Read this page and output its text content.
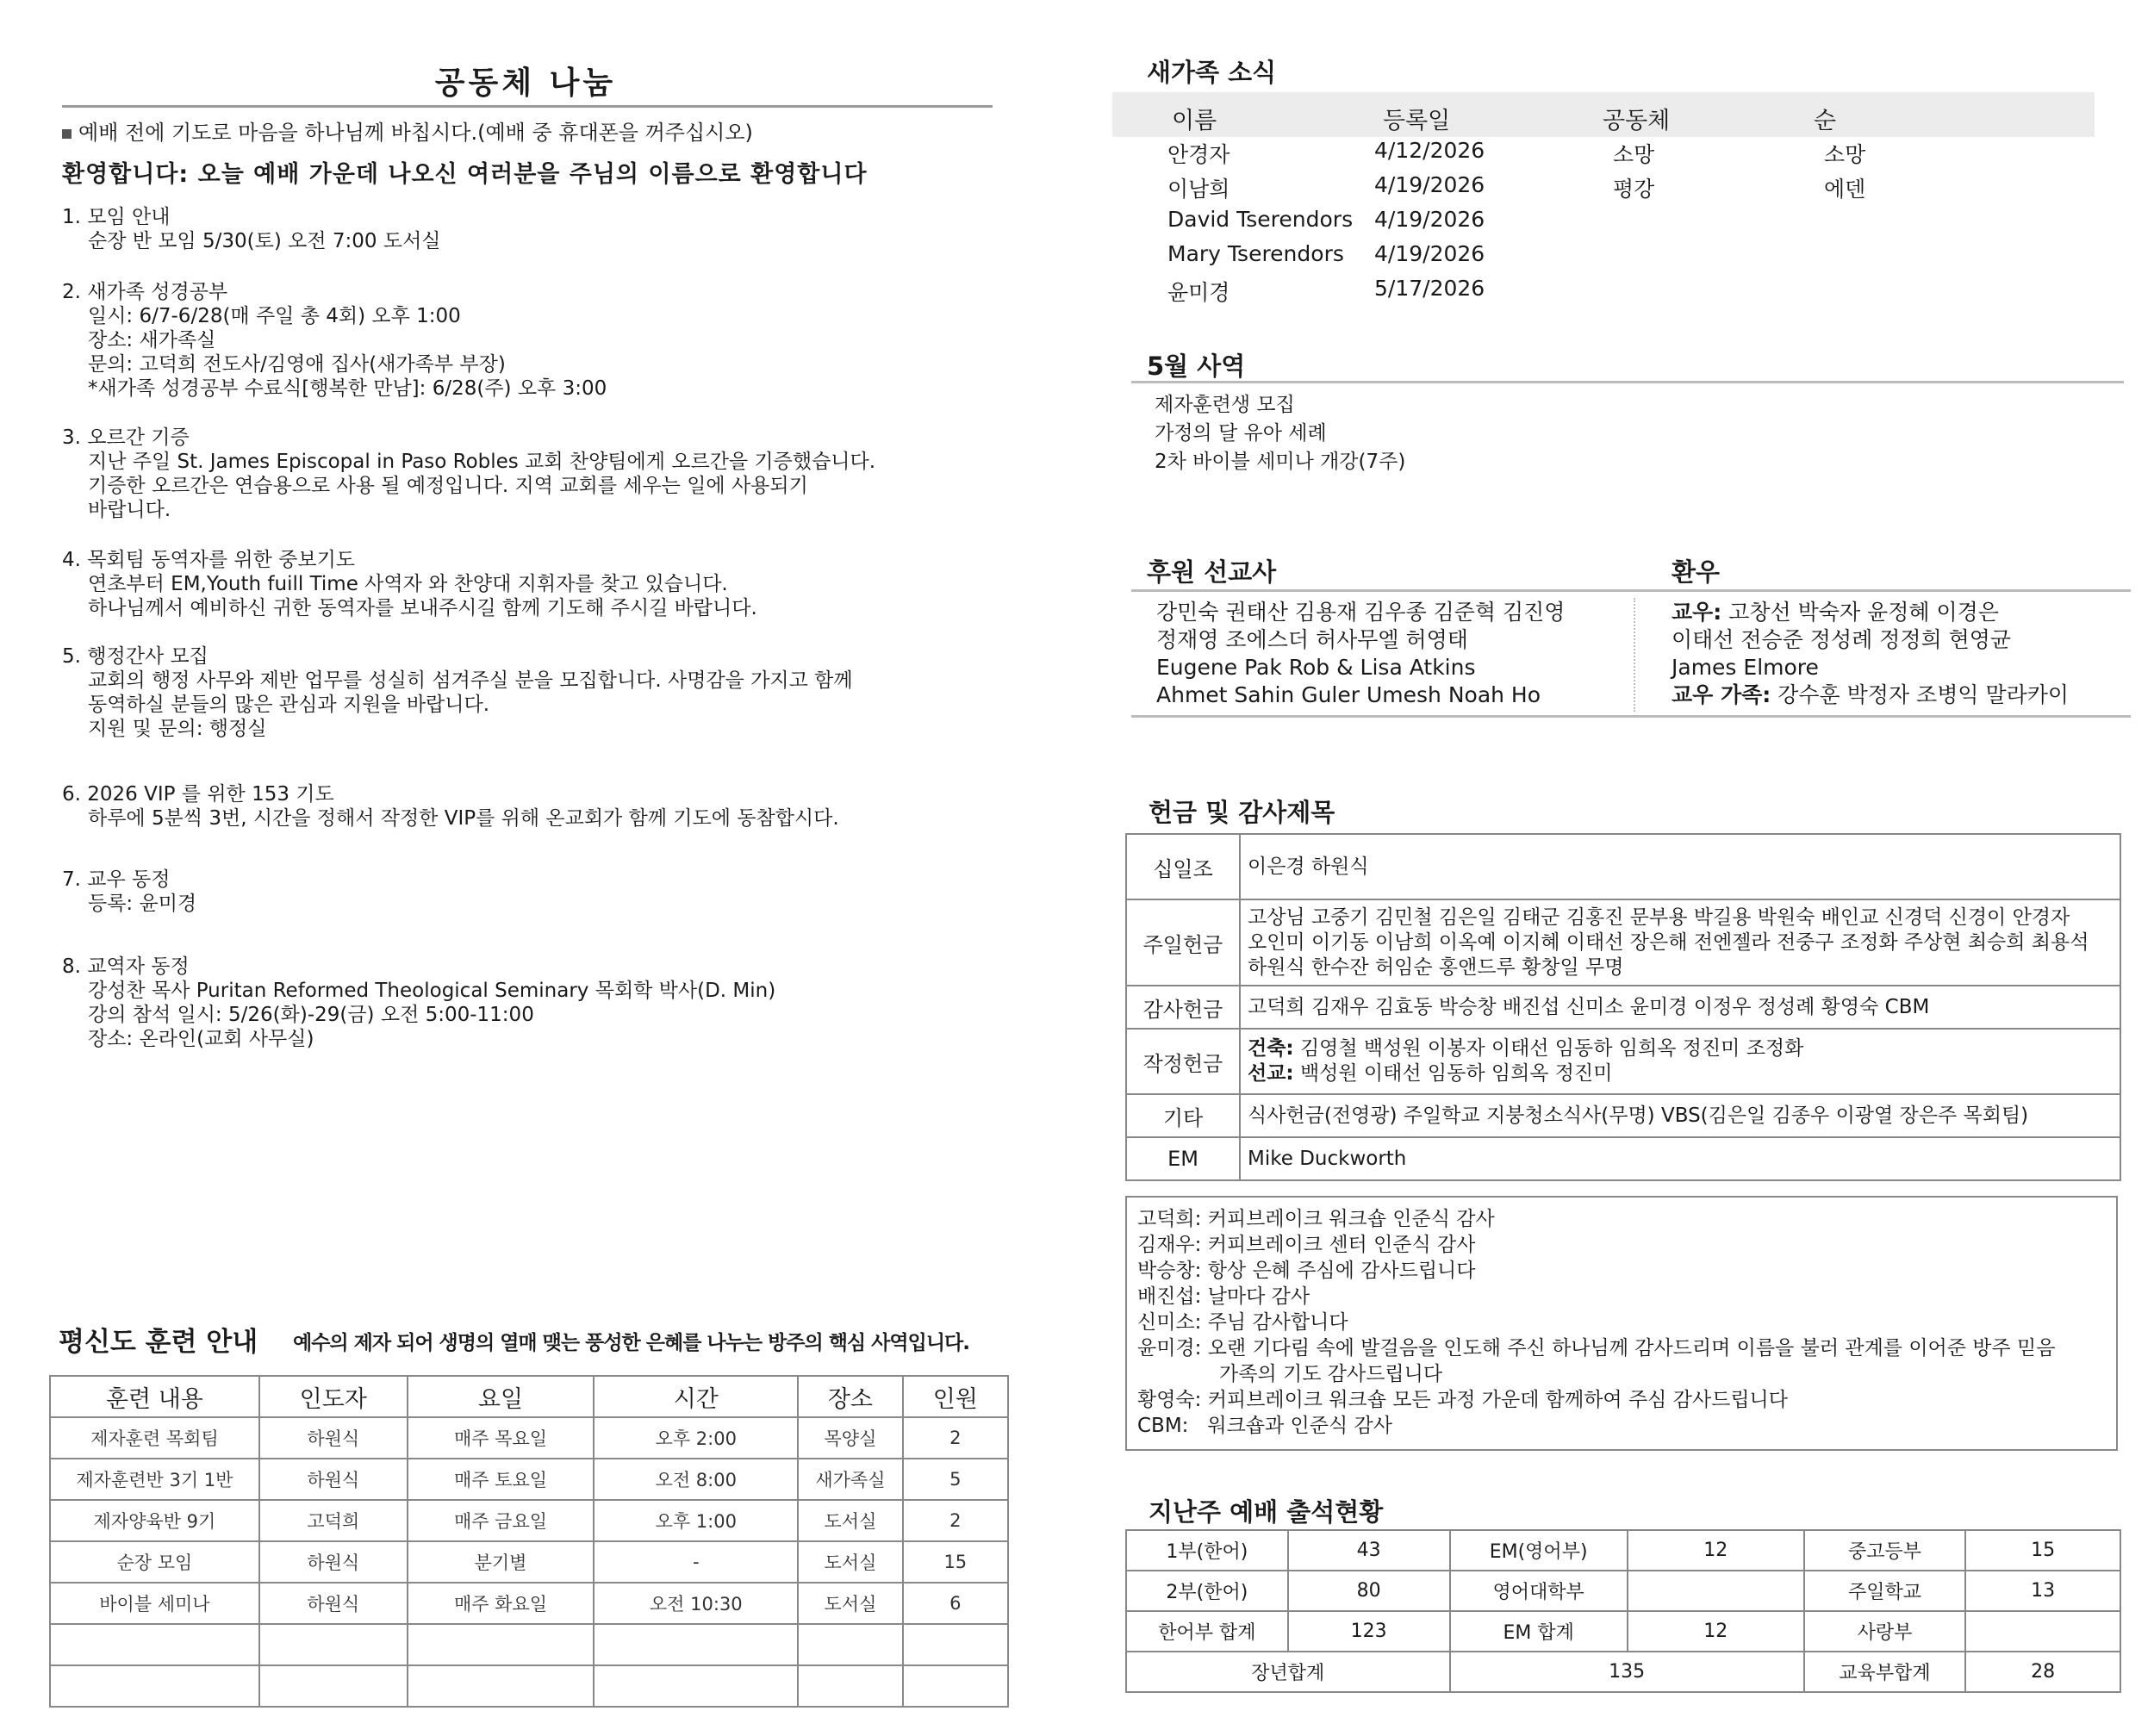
공동체 나눔
예배 전에 기도로 마음을 하나님께 바칩시다.(예배 중 휴대폰을 꺼주십시오)
환영합니다: 오늘 예배 가운데 나오신 여러분을 주님의 이름으로 환영합니다
1. 모임 안내
순장 반 모임 5/30(토) 오전 7:00 도서실
2. 새가족 성경공부
일시: 6/7-6/28(매 주일 총 4회) 오후 1:00
장소: 새가족실
문의: 고덕희 전도사/김영애 집사(새가족부 부장)
*새가족 성경공부 수료식[행복한 만남]: 6/28(주) 오후 3:00
3. 오르간 기증
지난 주일 St. James Episcopal in Paso Robles 교회 찬양팀에게 오르간을 기증했습니다.
기증한 오르간은 연습용으로 사용 될 예정입니다. 지역 교회를 세우는 일에 사용되기
바랍니다.
4. 목회팀 동역자를 위한 중보기도
연초부터 EM,Youth fuill Time 사역자 와 찬양대 지휘자를 찾고 있습니다.
하나님께서 예비하신 귀한 동역자를 보내주시길 함께 기도해 주시길 바랍니다.
5. 행정간사 모집
교회의 행정 사무와 제반 업무를 성실히 섬겨주실 분을 모집합니다. 사명감을 가지고 함께
동역하실 분들의 많은 관심과 지원을 바랍니다.
지원 및 문의: 행정실
6. 2026 VIP 를 위한 153 기도
하루에 5분씩 3번, 시간을 정해서 작정한 VIP를 위해 온교회가 함께 기도에 동참합시다.
7. 교우 동정
등록: 윤미경
8. 교역자 동정
강성찬 목사 Puritan Reformed Theological Seminary 목회학 박사(D. Min)
강의 참석 일시: 5/26(화)-29(금) 오전 5:00-11:00
장소: 온라인(교회 사무실)
평신도 훈련 안내 예수의 제자 되어 생명의 열매 맺는 풍성한 은혜를 나누는 방주의 핵심 사역입니다.
훈련 내용	인도자	요일	시간	장소	인원
제자훈련 목회팀	하원식	매주 목요일	오후 2:00	목양실	2
제자훈련반 3기 1반	하원식	매주 토요일	오전 8:00	새가족실	5
제자양육반 9기	고덕희	매주 금요일	오후 1:00	도서실	2
순장 모임	하원식	분기별	-	도서실	15
바이블 세미나	하원식	매주 화요일	오전 10:30	도서실	6

새가족 소식
이름	등록일	공동체	순
안경자	4/12/2026	소망	소망
이남희	4/19/2026	평강	에덴
David Tserendors 4/19/2026
Mary Tserendors 4/19/2026
윤미경	5/17/2026
5월 사역
제자훈련생 모집
가정의 달 유아 세례
2차 바이블 세미나 개강(7주)
후원 선교사	환우
강민숙 권태산 김용재 김우종 김준혁 김진영
정재영 조에스더 허사무엘 허영태
Eugene Pak Rob & Lisa Atkins
Ahmet Sahin Guler Umesh Noah Ho
교우: 고창선 박숙자 윤정혜 이경은
이태선 전승준 정성례 정정희 현영균
James Elmore
교우 가족: 강수훈 박정자 조병익 말라카이
헌금 및 감사제목
십일조	이은경 하원식

주일헌금	고상님 고중기 김민철 김은일 김태군 김홍진 문부용 박길용 박원숙 배인교 신경덕 신경이 안경자
오인미 이기동 이남희 이옥예 이지혜 이태선 장은해 전엔젤라 전중구 조정화 주상현 최승희 최용석
하원식 한수잔 허임순 홍앤드루 황창일 무명

감사헌금	고덕희 김재우 김효동 박승창 배진섭 신미소 윤미경 이정우 정성례 황영숙 CBM

작정헌금	건축: 김영철 백성원 이봉자 이태선 임동하 임희옥 정진미 조정화
선교: 백성원 이태선 임동하 임희옥 정진미

기타	식사헌금(전영광) 주일학교 지붕청소식사(무명) VBS(김은일 김종우 이광열 장은주 목회팀)

EM	Mike Duckworth
고덕희: 커피브레이크 워크숍 인준식 감사
김재우: 커피브레이크 센터 인준식 감사
박승창: 항상 은혜 주심에 감사드립니다
배진섭: 날마다 감사
신미소: 주님 감사합니다
윤미경: 오랜 기다림 속에 발걸음을 인도해 주신 하나님께 감사드리며 이름을 불러 관계를 이어준 방주 믿음
가족의 기도 감사드립니다
황영숙: 커피브레이크 워크숍 모든 과정 가운데 함께하여 주심 감사드립니다
CBM:   워크숍과 인준식 감사
지난주 예배 출석현황
1부(한어)	43	EM(영어부)	12	중고등부	15
2부(한어)	80	영어대학부		주일학교	13
한어부 합계	123	EM 합계	12	사랑부	
장년합계		135		교육부합계	28
